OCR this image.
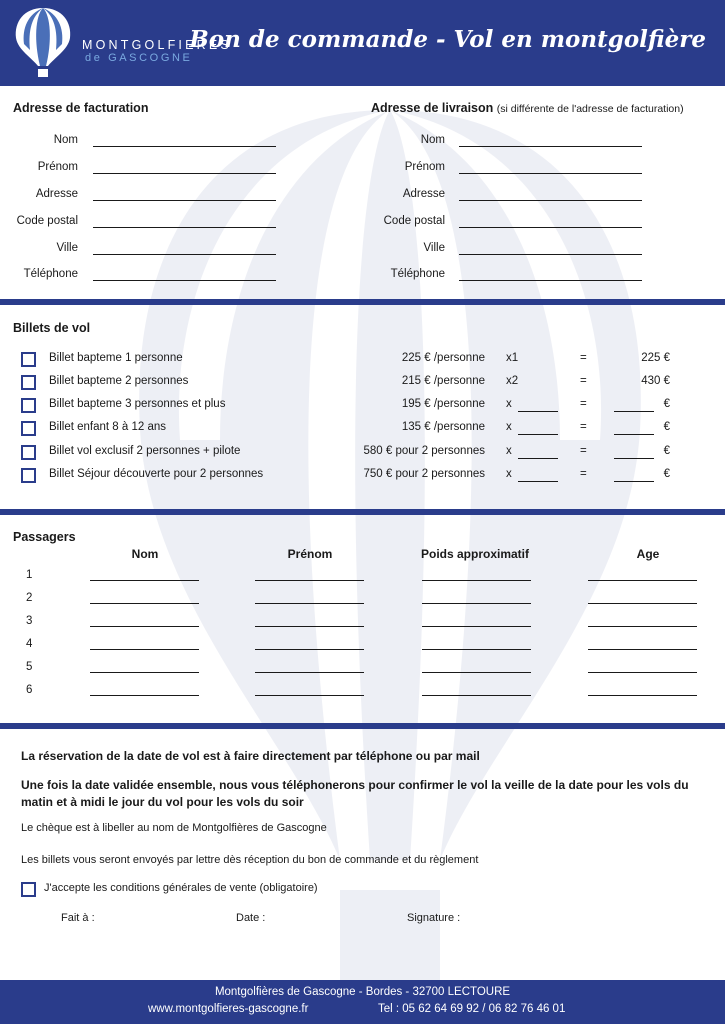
MONTGOLFIERES
de GASCOGNE
Bon de commande - Vol en montgolfière
Adresse de facturation	Adresse de livraison (si différente de l'adresse de facturation)
Nom
Prénom
Adresse
Code postal
Ville
Téléphone
Nom
Prénom
Adresse
Code postal
Ville
Téléphone
Billets de vol
Billet bapteme 1 personne	225 € /personne x1	=	225 €
Billet bapteme 2 personnes	215 € /personne x2	=	430 €
Billet bapteme 3 personnes et plus	195 € /personne x	=	€
Billet enfant 8 à 12 ans	135 € /personne x	=	€
Billet vol exclusif 2 personnes + pilote	580 € pour 2 personnes x	=	€
Billet Séjour découverte pour 2 personnes	750 € pour 2 personnes x	=	€
Passagers
Nom	Prénom	Poids approximatif	Age
1
2
3
4
5
6
La réservation de la date de vol est à faire directement par téléphone ou par mail
Une fois la date validée ensemble, nous vous téléphonerons pour confirmer le vol la veille de la date pour les vols du matin et à midi le jour du vol pour les vols du soir
Le chèque est à libeller au nom de Montgolfières de Gascogne
Les billets vous seront envoyés par lettre dès réception du bon de commande et du règlement
J'accepte les conditions générales de vente (obligatoire)
Fait à :	Date :	Signature :
Montgolfières de Gascogne - Bordes - 32700 LECTOURE
www.montgolfieres-gascogne.fr	Tel : 05 62 64 69 92 / 06 82 76 46 01
